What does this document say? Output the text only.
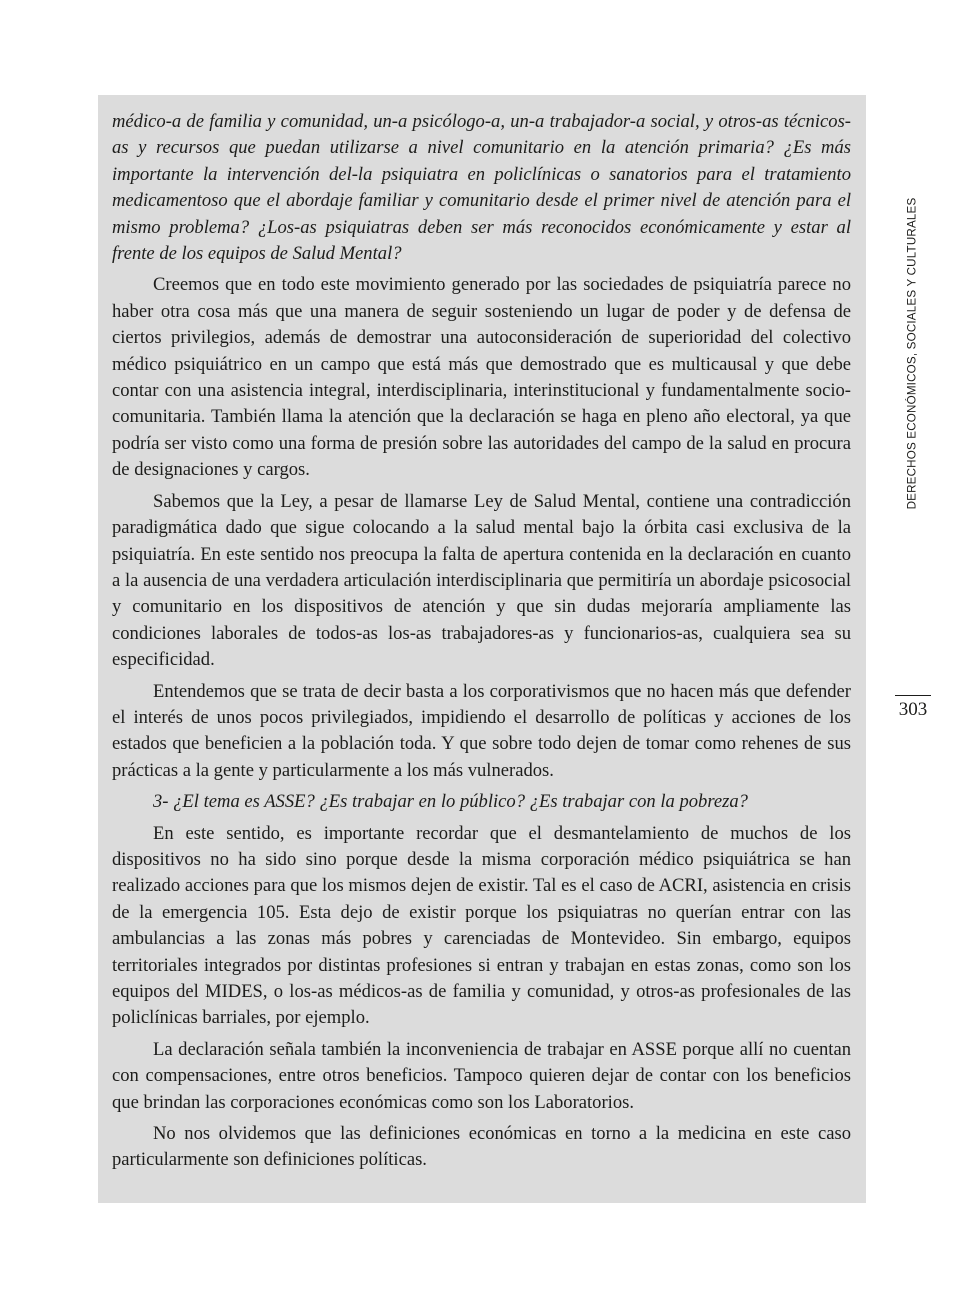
médico-a de familia y comunidad, un-a psicólogo-a, un-a trabajador-a social, y otros-as técnicos-as y recursos que puedan utilizarse a nivel comunitario en la atención primaria? ¿Es más importante la intervención del-la psiquiatra en policlínicas o sanatorios para el tratamiento medicamentoso que el abordaje familiar y comunitario desde el primer nivel de atención para el mismo problema? ¿Los-as psiquiatras deben ser más reconocidos económicamente y estar al frente de los equipos de Salud Mental?

Creemos que en todo este movimiento generado por las sociedades de psiquiatría parece no haber otra cosa más que una manera de seguir sosteniendo un lugar de poder y de defensa de ciertos privilegios, además de demostrar una autoconsideración de superioridad del colectivo médico psiquiátrico en un campo que está más que demostrado que es multicausal y que debe contar con una asistencia integral, interdisciplinaria, interinstitucional y fundamentalmente socio-comunitaria. También llama la atención que la declaración se haga en pleno año electoral, ya que podría ser visto como una forma de presión sobre las autoridades del campo de la salud en procura de designaciones y cargos.

Sabemos que la Ley, a pesar de llamarse Ley de Salud Mental, contiene una contradicción paradigmática dado que sigue colocando a la salud mental bajo la órbita casi exclusiva de la psiquiatría. En este sentido nos preocupa la falta de apertura contenida en la declaración en cuanto a la ausencia de una verdadera articulación interdisciplinaria que permitiría un abordaje psicosocial y comunitario en los dispositivos de atención y que sin dudas mejoraría ampliamente las condiciones laborales de todos-as los-as trabajadores-as y funcionarios-as, cualquiera sea su especificidad.

Entendemos que se trata de decir basta a los corporativismos que no hacen más que defender el interés de unos pocos privilegiados, impidiendo el desarrollo de políticas y acciones de los estados que beneficien a la población toda. Y que sobre todo dejen de tomar como rehenes de sus prácticas a la gente y particularmente a los más vulnerados.

3- ¿El tema es ASSE? ¿Es trabajar en lo público? ¿Es trabajar con la pobreza?

En este sentido, es importante recordar que el desmantelamiento de muchos de los dispositivos no ha sido sino porque desde la misma corporación médico psiquiátrica se han realizado acciones para que los mismos dejen de existir. Tal es el caso de ACRI, asistencia en crisis de la emergencia 105. Esta dejo de existir porque los psiquiatras no querían entrar con las ambulancias a las zonas más pobres y carenciadas de Montevideo. Sin embargo, equipos territoriales integrados por distintas profesiones si entran y trabajan en estas zonas, como son los equipos del MIDES, o los-as médicos-as de familia y comunidad, y otros-as profesionales de las policlínicas barriales, por ejemplo.

La declaración señala también la inconveniencia de trabajar en ASSE porque allí no cuentan con compensaciones, entre otros beneficios. Tampoco quieren dejar de contar con los beneficios que brindan las corporaciones económicas como son los Laboratorios.

No nos olvidemos que las definiciones económicas en torno a la medicina en este caso particularmente son definiciones políticas.

DERECHOS ECONÓMICOS, SOCIALES Y CULTURALES
303
